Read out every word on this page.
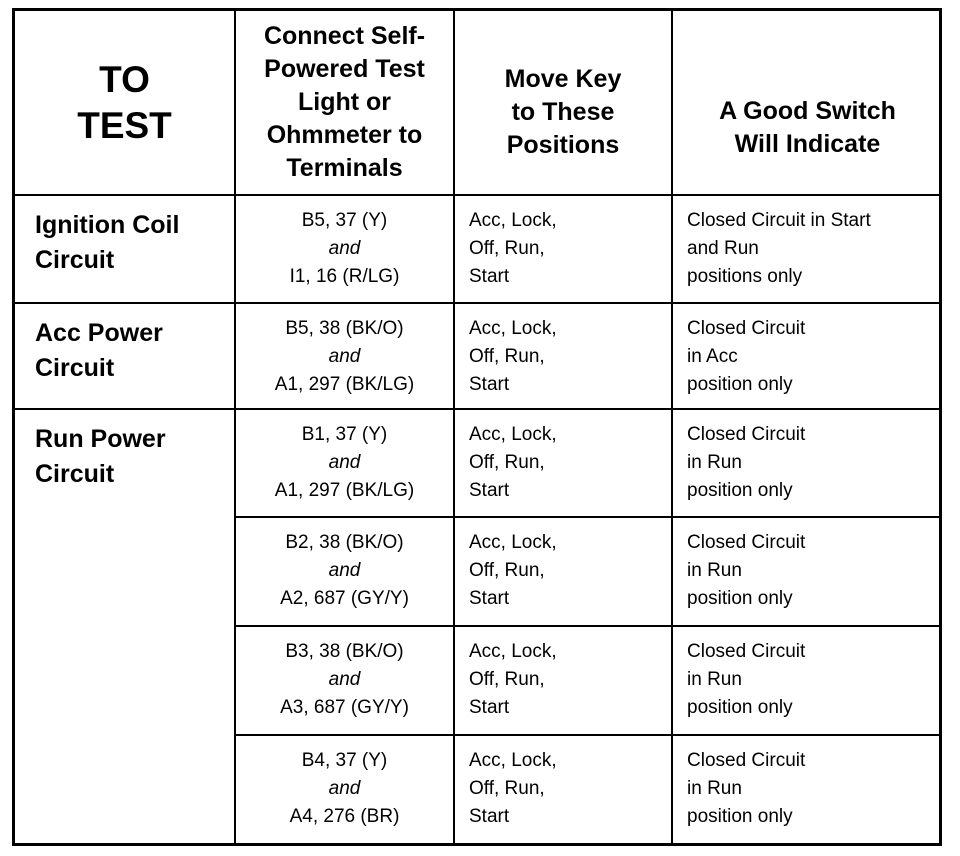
TO
TEST
Connect Self-
Powered Test
Light or
Ohmmeter to
Terminals
Move Key
to These
Positions
A Good Switch
Will Indicate
Ignition Coil
Circuit
Acc Power
Circuit
Run Power
Circuit
B5, 37 (Y)
and
I1, 16 (R/LG)
Acc, Lock,
Off, Run,
Start
Closed Circuit in Start
and Run
positions only
B5, 38 (BK/O)
and
A1, 297 (BK/LG)
Acc, Lock,
Off, Run,
Start
Closed Circuit
in Acc
position only
B1, 37 (Y)
and
A1, 297 (BK/LG)
Acc, Lock,
Off, Run,
Start
Closed Circuit
in Run
position only
B2, 38 (BK/O)
and
A2, 687 (GY/Y)
Acc, Lock,
Off, Run,
Start
Closed Circuit
in Run
position only
B3, 38 (BK/O)
and
A3, 687 (GY/Y)
Acc, Lock,
Off, Run,
Start
Closed Circuit
in Run
position only
B4, 37 (Y)
and
A4, 276 (BR)
Acc, Lock,
Off, Run,
Start
Closed Circuit
in Run
position only
